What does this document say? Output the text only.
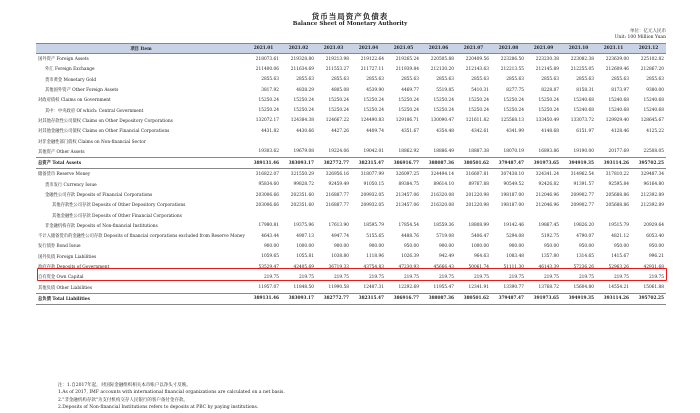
货币当局资产负债表
Balance Sheet of Monetary Authority
单位：亿元人民币
Unit: 100 Million Yuan
项目 Item	2021.01	2021.02	2021.03	2021.04	2021.05	2021.06	2021.07	2021.08	2021.09	2021.10	2021.11	2021.12
国外资产 Foreign Assets	218073.61	219328.80	219213.98	219122.64	219265.24	220505.88	220409.56	223286.50	223230.38	223082.38	223639.00	225102.82
外汇 Foreign Exchange	211400.06	211634.69	211553.27	211727.11	211939.84	212130.20	212143.63	212213.55	212145.89	212255.05	212609.46	212867.20
货币黄金 Monetary Gold	2855.63	2855.63	2855.63	2855.63	2855.63	2855.63	2855.63	2855.63	2855.63	2855.63	2855.63	2855.63
其他国外资产 Other Foreign Assets	3817.92	4838.29	4805.08	4539.90	4469.77	5519.85	5410.31	8277.75	8228.87	8158.31	8173.97	9380.00
对政府债权 Claims on Government	15250.24	15250.24	15250.24	15250.24	15250.24	15250.24	15250.24	15250.24	15250.24	15240.68	15240.68	15240.68
其中：中央政府 Of which: Central Government	15250.24	15250.24	15250.24	15250.24	15250.24	15250.24	15250.24	15250.24	15250.24	15240.68	15240.68	15240.68
对其他存款性公司债权 Claims on Other Depository Corporations	132072.17	124384.38	124667.22	124490.83	129186.71	130090.47	121611.82	125568.13	133450.49	133073.72	129929.40	128645.67
对其他金融性公司债权 Claims on Other Financial Corporations	4431.82	4430.66	4427.26	4409.74	4351.67	4354.48	4342.61	4341.99	4148.68	6151.97	4128.46	4125.22
对非金融性部门债权 Claims on Non-financial Sector												
其他资产 Other Assets	19303.62	19679.08	19224.06	19042.01	18862.92	18886.49	18887.38	18070.19	16893.86	19190.00	20177.69	22508.05
总资产 Total Assets	389131.46	383093.17	382772.77	382315.47	386916.77	388087.36	380501.62	379487.47	391973.65	394919.35	393114.26	395702.25
储备货币 Reserve Money	316822.07	321550.29	326956.16	318077.99	326097.25	324494.14	316607.81	307438.10	324341.24	314962.54	317810.22	329487.34
货币发行 Currency Issue	95834.60	99828.72	92459.49	91050.15	89384.75	89614.10	89767.88	90549.52	92426.82	91391.57	92595.84	96164.80
金融性公司存款 Deposits of Financial Corporations	203006.66	202351.60	216887.77	209932.05	213457.06	216320.08	201220.98	198187.00	212046.96	209902.77	205688.86	212392.89
其他存款性公司存款 Deposits of Other Depository Corporations	203006.66	202351.60	216887.77	209932.05	213457.06	216320.08	201220.98	198187.00	212046.96	209902.77	205688.86	212392.89
其他金融性公司存款 Deposits of Other Financial Corporations												
非金融机构存款 Deposits of Non-financial Institutions	17980.81	19375.96	17613.90	18595.79	17854.54	18559.36	18808.99	19142.46	19867.45	19826.20	19515.79	20929.64
不计入储备货币的金融性公司存款 Deposits of financial corporations excluded from Reserve Money	4643.44	4907.13	4947.74	5155.65	4488.76	5719.08	5406.47	5294.08	5192.75	4790.07	4821.12	6053.40
发行债券 Bond Issue	900.00	1000.00	900.00	900.00	950.00	900.00	1000.00	900.00	950.00	950.00	950.00	950.00
国外负债 Foreign Liabilities	1059.65	1055.81	1038.80	1118.96	1026.39	942.49	964.63	1083.48	1357.80	1314.65	1415.67	996.21
政府存款 Deposits of Government	53529.47	42405.69	36719.33	43754.83	47230.93	45666.43	50061.74	51111.30	46143.39	57236.26	52963.26	42931.68
自有资金 Own Capital	219.75	219.75	219.75	219.75	219.75	219.75	219.75	219.75	219.75	219.75	219.75	219.75
其他负债 Other Liabilities	11957.07	11848.50	11990.58	12487.31	12292.69	11955.47	12341.91	13390.77	13768.72	15604.80	14554.21	15061.88
总负债 Total Liabilities	389131.46	383093.17	382772.77	382315.47	386916.77	388087.36	380501.62	379487.47	391973.65	394919.35	393114.26	395702.25
注：1.自2017年起，对国际金融组织相关本币账户以净头寸反映。
1.As of 2017, IMF accounts with international financial organizations are calculated on a net basis.
2."非金融机构存款"为支付机构交存人民银行的客户备付金存款。
2.Deposits of Non-financial Institutions refers to deposits at PBC by paying institutions.
